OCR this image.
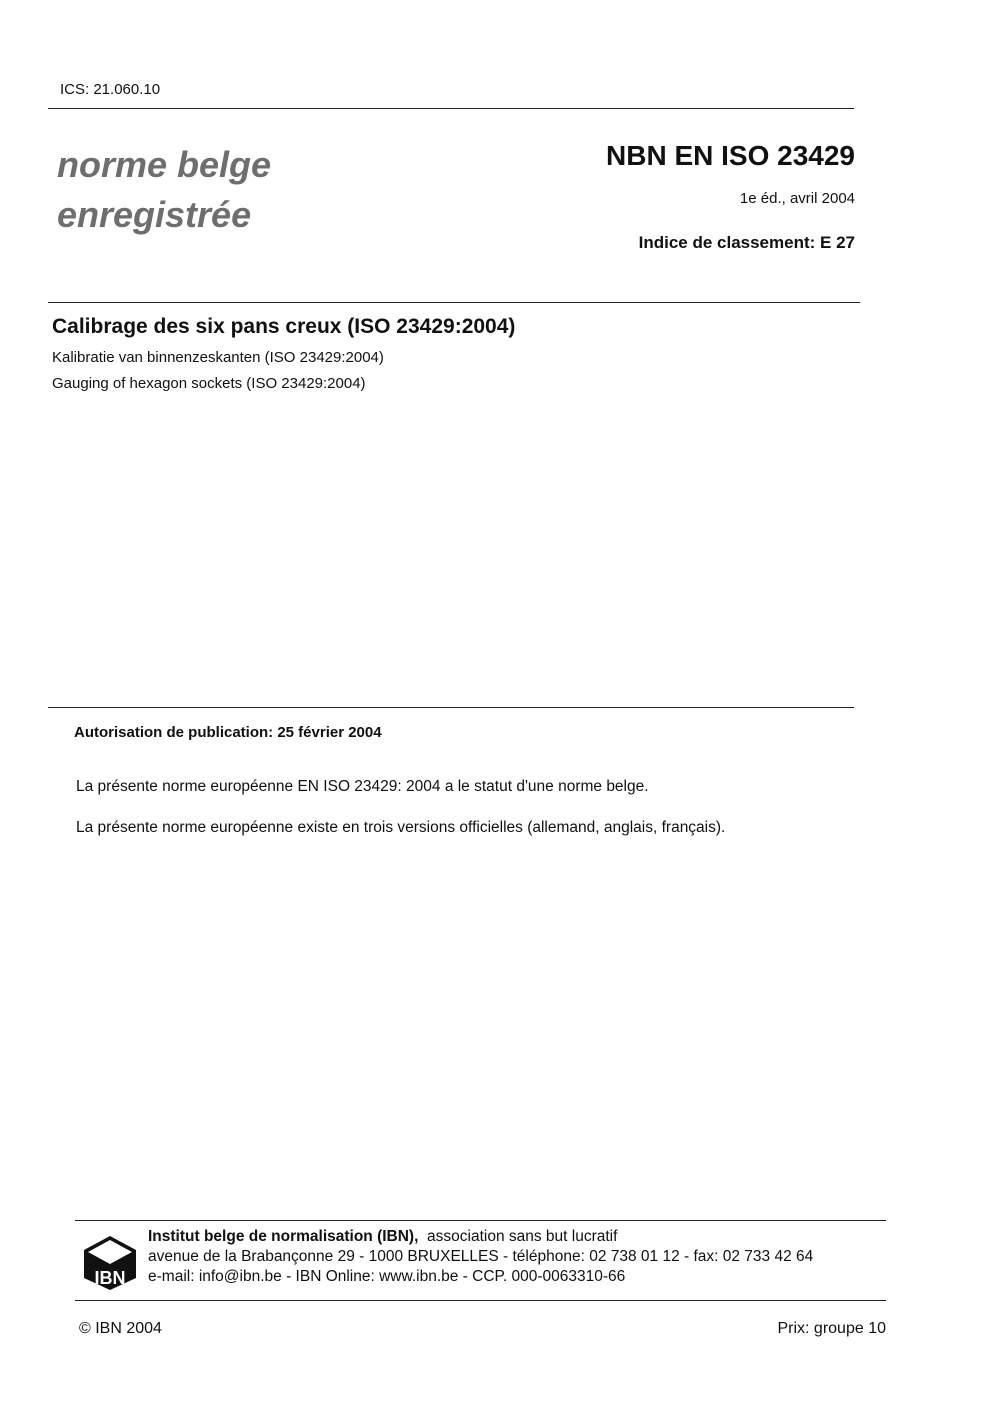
ICS: 21.060.10
norme belge
enregistrée
NBN EN ISO 23429
1e éd., avril 2004
Indice de classement: E 27
Calibrage des six pans creux (ISO 23429:2004)
Kalibratie van binnenzeskanten (ISO 23429:2004)
Gauging of hexagon sockets (ISO 23429:2004)
Autorisation de publication: 25 février 2004
La présente norme européenne EN ISO 23429: 2004 a le statut d'une norme belge.
La présente norme européenne existe en trois versions officielles (allemand, anglais, français).
IBN
Institut belge de normalisation (IBN), association sans but lucratif
avenue de la Brabançonne 29 - 1000 BRUXELLES - téléphone: 02 738 01 12 - fax: 02 733 42 64
e-mail: info@ibn.be - IBN Online: www.ibn.be - CCP. 000-0063310-66
© IBN 2004	Prix: groupe 10
